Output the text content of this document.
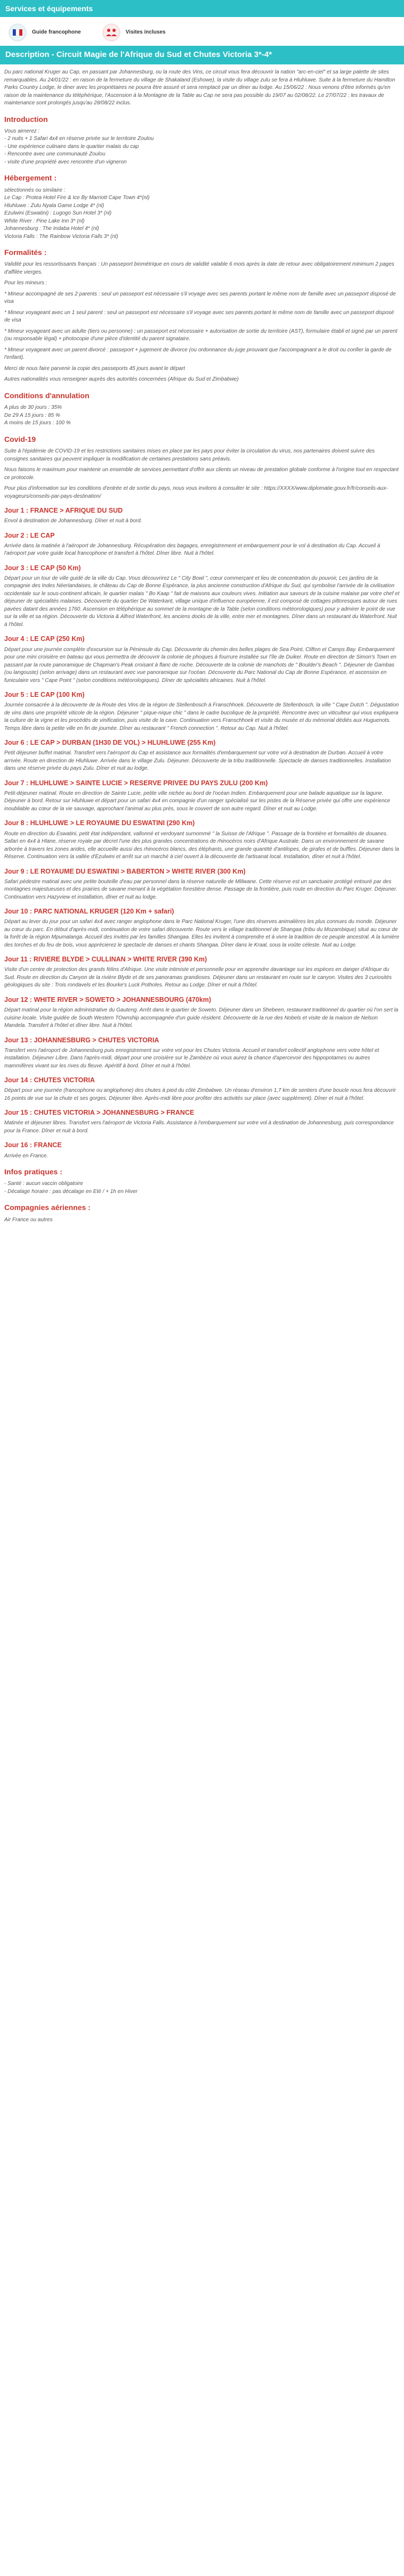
Services et équipements
Guide francophone	Visites incluses
Description - Circuit Magie de l'Afrique du Sud et Chutes Victoria 3*-4*

Du parc national Kruger au Cap, en passant par Johannesburg, ou la route des Vins, ce circuit vous fera découvrir la nation "arc-en-ciel" et sa large palette de sites remarquables. Au 24/01/22 : en raison de la fermeture du village de Shakaland (Eshowe), la visite du village zulu se fera à Hluhluwe. Suite à la fermeture du Hamilton Parks Country Lodge, le diner avec les propriétaires ne pourra être assuré et sera remplacé par un diner au lodge. Au 15/06/22 : Nous venons d'être informés qu'en raison de la maintenance du téléphérique, l'Ascension à la Montagne de la Table au Cap ne sera pas possible du 19/07 au 02/08/22. Le 27/07/22 : les travaux de maintenance sont prolongés jusqu'au 28/08/22 inclus.

Introduction
Vous aimerez :
- 2 nuits + 1 Safari 4x4 en réserve privée sur le territoire Zoulou
- Une expérience culinaire dans le quartier malais du cap
- Rencontre avec une communauté Zoulou
- visite d'une propriété avec rencontre d'un vigneron
Hébergement :
sélectionnés ou similaire :
Le Cap : Protea Hotel Fire & Ice By Marriott Cape Town 4*(nl)
Hluhluwe : Zulu Nyala Game Lodge 4* (nl)
Ezulwini (Eswatini) : Lugogo Sun Hotel 3* (nl)
White River : Pine Lake Inn 3* (nl)
Johannesburg : The Indaba Hotel 4* (nl)
Victoria Falls : The Rainbow Victoria Falls 3* (nl)
Formalités :

Validité pour les ressortissants français : Un passeport biométrique en cours de validité valable 6 mois après la date de retour avec obligatoirement minimum 2 pages d'affilée vierges.

Pour les mineurs :

* Mineur accompagné de ses 2 parents : seul un passeport est nécessaire s'il voyage avec ses parents portant le même nom de famille avec un passeport disposé de visa

* Mineur voyageant avec un 1 seul parent : seul un passeport est nécessaire s'il voyage avec ses parents portant le même nom de famille avec un passeport disposé de visa

* Mineur voyageant avec un adulte (tiers ou personne) : un passeport est nécessaire + autorisation de sortie du territoire (AST), formulaire établi et signé par un parent (ou responsable légal) + photocopie d'une pièce d'identité du parent signataire.

* Mineur voyageant avec un parent divorcé : passeport + jugement de divorce (ou ordonnance du juge prouvant que l'accompagnant a le droit ou confier la garde de l'enfant).

Merci de nous faire parvenir la copie des passeports 45 jours avant le départ

Autres nationalités vous renseigner auprès des autorités concernées (Afrique du Sud et Zimbabwe)

Conditions d'annulation
A plus de 30 jours : 35%
De 29 A 15 jours : 85 %
A moins de 15 jours : 100 %
Covid-19

Suite à l'épidémie de COVID-19 et les restrictions sanitaires mises en place par les pays pour éviter la circulation du virus, nos partenaires doivent suivre des consignes sanitaires qui peuvent impliquer la modification de certaines prestations sans préavis.

Nous faisons le maximum pour maintenir un ensemble de services permettant d'offrir aux clients un niveau de prestation globale conforme à l'origine tout en respectant ce protocole.

Pour plus d'information sur les conditions d'entrée et de sortie du pays, nous vous invitons à consulter le site : https://XXXX/www.diplomatie.gouv.fr/fr/conseils-aux-voyageurs/conseils-par-pays-destination/

Jour 1 : FRANCE > AFRIQUE DU SUD

Envol à destination de Johannesburg. Dîner et nuit à bord.

Jour 2 : LE CAP

Arrivée dans la matinée à l'aéroport de Johannesburg. Récupération des bagages, enregistrement et embarquement pour le vol à destination du Cap. Accueil à l'aéroport par votre guide local francophone et transfert à l'hôtel. Dîner libre. Nuit à l'hôtel.

Jour 3 : LE CAP (50 Km)

Départ pour un tour de ville guidé de la ville du Cap. Vous découvrirez Le " City Bowl ", cœur commerçant et lieu de concentration du pouvoir, Les jardins de la compagnie des Indes Néerlandaises, le château du Cap de Bonne Espérance, la plus ancienne construction d'Afrique du Sud, qui symbolise l'arrivée de la civilisation occidentale sur le sous-continent africain, le quartier malais " Bo Kaap " fait de maisons aux couleurs vives. Initiation aux saveurs de la cuisine malaise par votre chef et déjeuner de spécialités malaises. Découverte du quartier De Waterkant, village unique d'influence européenne, il est composé de cottages pittoresques autour de rues pavées datant des années 1760. Ascension en téléphérique au sommet de la montagne de la Table (selon conditions météorologiques) pour y admirer le point de vue sur la ville et sa région. Découverte du Victoria & Alfred Waterfront, les anciens docks de la ville, entre mer et montagnes. Dîner dans un restaurant du Waterfront. Nuit à l'hôtel.

Jour 4 : LE CAP (250 Km)

Départ pour une journée complète d'excursion sur la Péninsule du Cap. Découverte du chemin des belles plages de Sea Point, Clifton et Camps Bay. Embarquement pour une mini croisière en bateau qui vous permettra de découvrir la colonie de phoques à fourrure installée sur l'île de Duiker. Route en direction de Simon's Town en passant par la route panoramique de Chapman's Peak croisant à flanc de roche. Découverte de la colonie de manchots de " Boulder's Beach ". Déjeuner de Gambas (ou langouste) (selon arrivage) dans un restaurant avec vue panoramique sur l'océan. Découverte du Parc National du Cap de Bonne Espérance, et ascension en funiculaire vers " Cape Point " (selon conditions météorologiques). Dîner de spécialités africaines. Nuit à l'hôtel.

Jour 5 : LE CAP (100 Km)

Journée consacrée à la découverte de la Route des Vins de la région de Stellenbosch à Franschhoek. Découverte de Stellenbosch, la ville " Cape Dutch ". Dégustation de vins dans une propriété viticole de la région. Déjeuner " pique-nique chic " dans le cadre bucolique de la propriété. Rencontre avec un viticulteur qui vous expliquera la culture de la vigne et les procédés de vinification, puis visite de la cave. Continuation vers Franschhoek et visite du musée et du mémorial dédiés aux Huguenots. Temps libre dans la petite ville en fin de journée. Dîner au restaurant " French connection ". Retour au Cap. Nuit à l'hôtel.

Jour 6 : LE CAP > DURBAN (1H30 DE VOL) > HLUHLUWE (255 Km)

Petit déjeuner buffet matinal. Transfert vers l'aéroport du Cap et assistance aux formalités d'embarquement sur votre vol à destination de Durban. Accueil à votre arrivée. Route en direction de Hluhluwe. Arrivée dans le village Zulu. Déjeuner. Découverte de la tribu traditionnelle. Spectacle de danses traditionnelles. Installation dans une réserve privée du pays Zulu. Dîner et nuit au lodge.

Jour 7 : HLUHLUWE > SAINTE LUCIE > RESERVE PRIVEE DU PAYS ZULU (200 Km)

Petit-déjeuner matinal. Route en direction de Sainte Lucie, petite ville nichée au bord de l'océan Indien. Embarquement pour une balade aquatique sur la lagune. Déjeuner à bord. Retour sur Hluhluwe et départ pour un safari 4x4 en compagnie d'un ranger spécialisé sur les pistes de la Réserve privée qui offre une expérience inoubliable au cœur de la vie sauvage, approchant l'animal au plus près, sous le couvert de son autre regard. Dîner et nuit au Lodge.

Jour 8 : HLUHLUWE > LE ROYAUME DU ESWATINI (290 Km)

Route en direction du Eswatini, petit état indépendant, vallonné et verdoyant surnommé " la Suisse de l'Afrique ". Passage de la frontière et formalités de douanes. Safari en 4x4 à Hlane, réserve royale par décret l'une des plus grandes concentrations de rhinocéros noirs d'Afrique Australe. Dans un environnement de savane arborée à travers les zones arides, elle accueille aussi des rhinocéros blancs, des éléphants, une grande quantité d'antilopes, de girafes et de buffles. Déjeuner dans la Réserve. Continuation vers la vallée d'Ezulwini et arrêt sur un marché à ciel ouvert à la découverte de l'artisanat local. Installation, dîner et nuit à l'hôtel.

Jour 9 : LE ROYAUME DU ESWATINI > BABERTON > WHITE RIVER (300 Km)

Safari pédestre matinal avec une petite bouteille d'eau par personnel dans la réserve naturelle de Mlilwane. Cette réserve est un sanctuaire protégé entouré par des montagnes majestueuses et des prairies de savane menant à la végétation forestière dense. Passage de la frontière, puis route en direction du Parc Kruger. Déjeuner. Continuation vers Hazyview et installation, dîner et nuit au lodge.

Jour 10 : PARC NATIONAL KRUGER (120 Km + safari)

Départ au lever du jour pour un safari 4x4 avec ranger anglophone dans le Parc National Kruger, l'une des réserves animalières les plus connues du monde. Déjeuner au cœur du parc. En début d'après-midi, continuation de votre safari découverte. Route vers le village traditionnel de Shangaa (tribu du Mozambique) situé au cœur de la forêt de la région Mpumalanga. Accueil des invités par les familles Shangaa. Elles les invitent à comprendre et à vivre la tradition de ce peuple ancestral. A la lumière des torches et du feu de bois, vous apprécierez le spectacle de danses et chants Shangaa. Dîner dans le Kraal, sous la voûte céleste. Nuit au Lodge.

Jour 11 : RIVIERE BLYDE > CULLINAN > WHITE RIVER (390 Km)

Visite d'un centre de protection des grands félins d'Afrique. Une visite intimiste et personnelle pour en apprendre davantage sur les espèces en danger d'Afrique du Sud. Route en direction du Canyon de la rivière Blyde et de ses panoramas grandioses. Déjeuner dans un restaurant en route sur le canyon. Visites des 3 curiosités géologiques du site : Trois rondavels et les Bourke's Luck Potholes. Retour au Lodge. Dîner et nuit à l'hôtel.

Jour 12 : WHITE RIVER > SOWETO > JOHANNESBOURG (470km)

Départ matinal pour la région administrative du Gauteng. Arrêt dans le quartier de Soweto. Déjeuner dans un Shebeen, restaurant traditionnel du quartier où l'on sert la cuisine locale. Visite guidée de South Western TOwnship accompagnée d'un guide résident. Découverte de la rue des Nobels et visite de la maison de Nelson Mandela. Transfert à l'hôtel et dîner libre. Nuit à l'hôtel.

Jour 13 : JOHANNESBURG > CHUTES VICTORIA

Transfert vers l'aéroport de Johannesburg puis enregistrement sur votre vol pour les Chutes Victoria. Accueil et transfert collectif anglophone vers votre hôtel et installation. Déjeuner Libre. Dans l'après-midi, départ pour une croisière sur le Zambèze où vous aurez la chance d'apercevoir des hippopotames ou autres mammifères vivant sur les rives du fleuve. Apéritif à bord. Dîner et nuit à l'hôtel.

Jour 14 : CHUTES VICTORIA

Départ pour une journée (francophone ou anglophone) des chutes à pied du côté Zimbabwe. Un réseau d'environ 1,7 km de sentiers d'une boucle nous fera découvrir 16 points de vue sur la chute et ses gorges. Déjeuner libre. Après-midi libre pour profiter des activités sur place (avec supplément). Dîner et nuit à l'hôtel.

Jour 15 : CHUTES VICTORIA > JOHANNESBURG > FRANCE

Matinée et déjeuner libres. Transfert vers l'aéroport de Victoria Falls. Assistance à l'embarquement sur votre vol à destination de Johannesburg, puis correspondance pour la France. Dîner et nuit à bord.

Jour 16 : FRANCE

Arrivée en France.

Infos pratiques :
- Santé : aucun vaccin obligatoire
- Décalage horaire : pas décalage en Eté / + 1h en Hiver
Compagnies aériennes :
Air France ou autres
